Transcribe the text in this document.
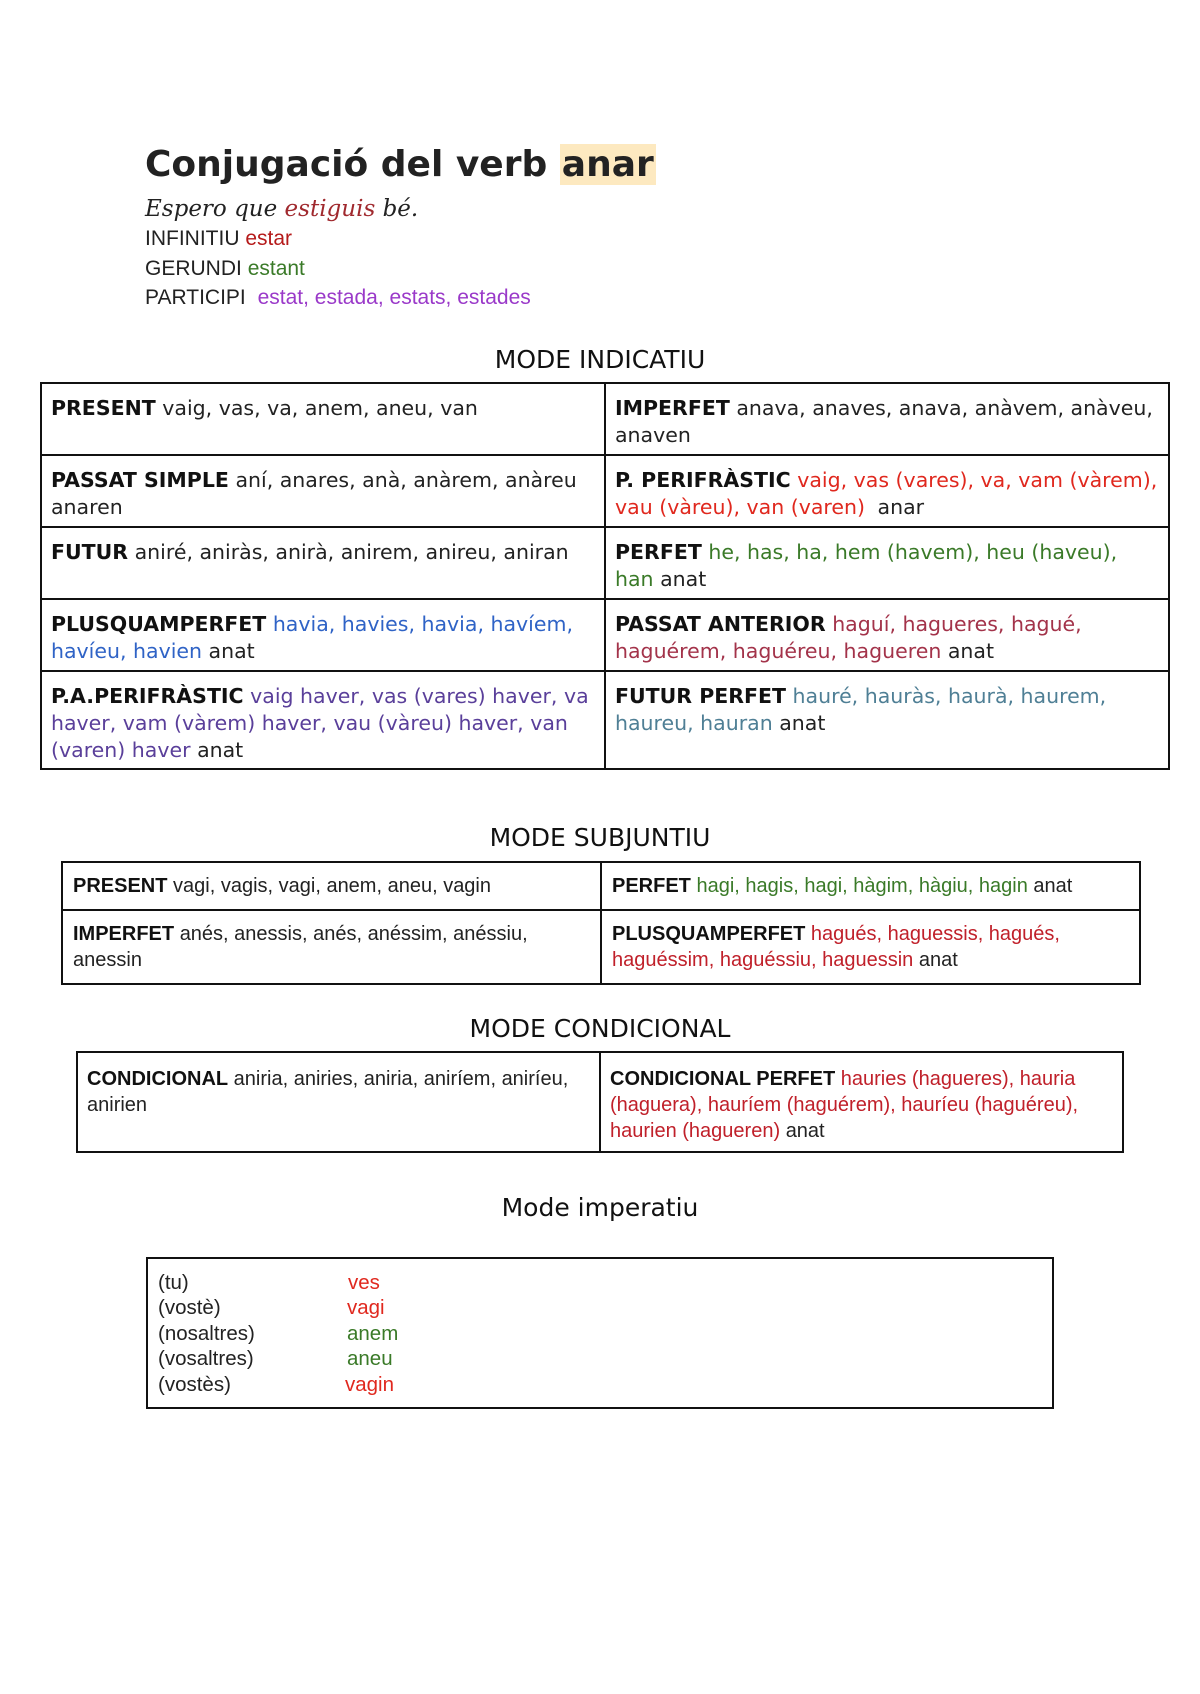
Conjugació del verb anar
Espero que estiguis bé.
INFINITIU estar
GERUNDI estant
PARTICIPI estat, estada, estats, estades
MODE INDICATIU
PRESENT vaig, vas, va, anem, aneu, van	IMPERFET anava, anaves, anava, anàvem, anàveu, anaven
PASSAT SIMPLE aní, anares, anà, anàrem, anàreu anaren	P. PERIFRÀSTIC vaig, vas (vares), va, vam (vàrem), vau (vàreu), van (varen) anar
FUTUR aniré, aniràs, anirà, anirem, anireu, aniran	PERFET he, has, ha, hem (havem), heu (haveu), han anat
PLUSQUAMPERFET havia, havies, havia, havíem, havíeu, havien anat	PASSAT ANTERIOR haguí, hagueres, hagué, haguérem, haguéreu, hagueren anat
P.A.PERIFRÀSTIC vaig haver, vas (vares) haver, va haver, vam (vàrem) haver, vau (vàreu) haver, van (varen) haver anat	FUTUR PERFET hauré, hauràs, haurà, haurem, haureu, hauran anat
MODE SUBJUNTIU
PRESENT vagi, vagis, vagi, anem, aneu, vagin	PERFET hagi, hagis, hagi, hàgim, hàgiu, hagin anat
IMPERFET anés, anessis, anés, anéssim, anéssiu, anessin	PLUSQUAMPERFET hagués, haguessis, hagués, haguéssim, haguéssiu, haguessin anat
MODE CONDICIONAL
CONDICIONAL aniria, aniries, aniria, aniríem, aniríeu, anirien	CONDICIONAL PERFET hauries (hagueres), hauria (haguera), hauríem (haguérem), hauríeu (haguéreu), haurien (hagueren) anat
Mode imperatiu
(tu)	ves
(vostè)	vagi
(nosaltres)	anem
(vosaltres)	aneu
(vostès)	vagin
